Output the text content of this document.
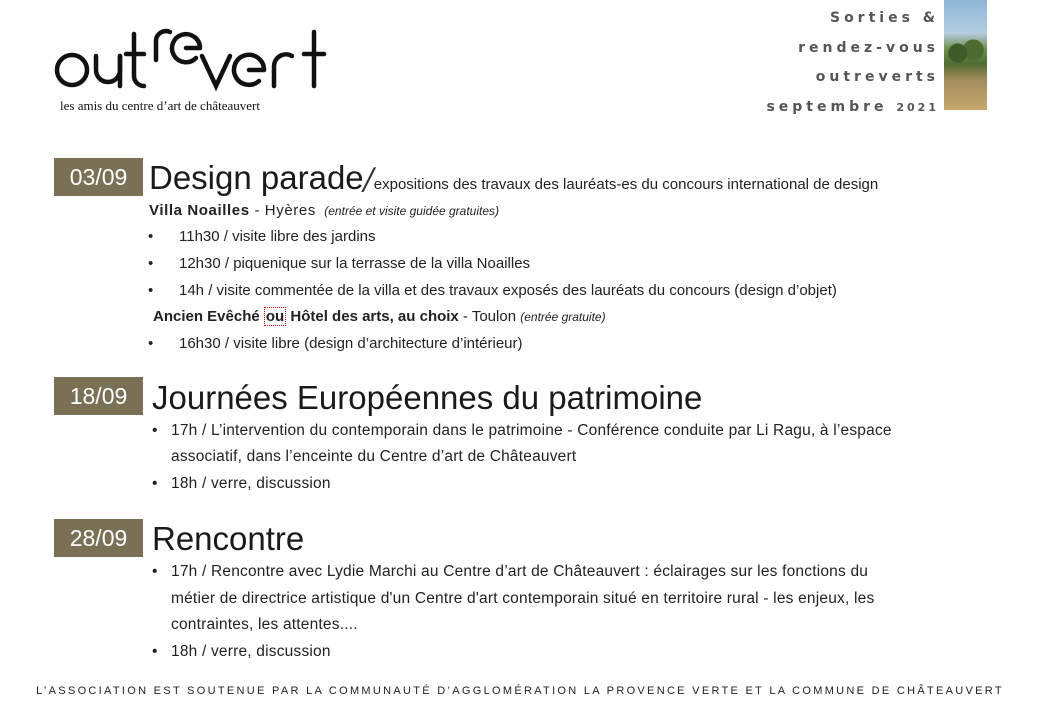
les amis du centre d’art de châteauvert
Sorties &
rendez-vous
outreverts
septembre 2021
03/09 Design parade/expositions des travaux des lauréats-es du concours international de design
Villa Noailles - Hyères (entrée et visite guidée gratuites)
• 11h30 / visite libre des jardins
• 12h30 / piquenique sur la terrasse de la villa Noailles
• 14h / visite commentée de la villa et des travaux exposés des lauréats du concours (design d’objet)
Ancien Evêché ou Hôtel des arts, au choix - Toulon (entrée gratuite)
• 16h30 / visite libre (design d’architecture d’intérieur)
18/09 Journées Européennes du patrimoine
• 17h / L’intervention du contemporain dans le patrimoine - Conférence conduite par Li Ragu, à l’espace
associatif, dans l’enceinte du Centre d’art de Châteauvert
• 18h / verre, discussion
28/09 Rencontre
• 17h / Rencontre avec Lydie Marchi au Centre d’art de Châteauvert : éclairages sur les fonctions du
métier de directrice artistique d'un Centre d'art contemporain situé en territoire rural - les enjeux, les
contraintes, les attentes....
• 18h / verre, discussion
L’ASSOCIATION EST SOUTENUE PAR LA COMMUNAUTÉ D’AGGLOMÉRATION LA PROVENCE VERTE ET LA COMMUNE DE CHÂTEAUVERT
